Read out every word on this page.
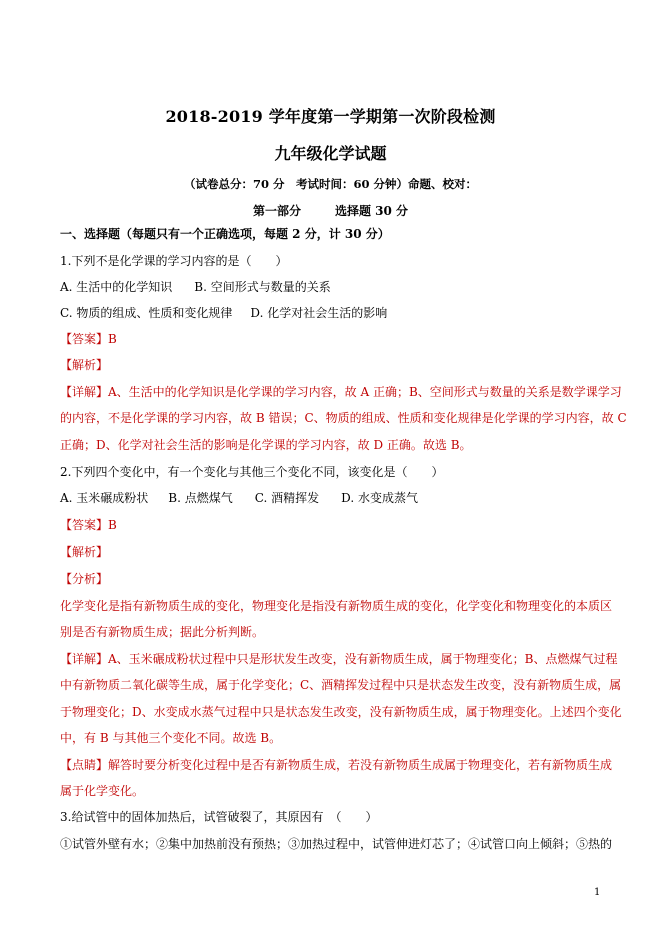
2018-2019 学年度第一学期第一次阶段检测
九年级化学试题
（试卷总分：70 分　考试时间：60 分钟）命题、校对：
第一部分	选择题 30 分
一、选择题（每题只有一个正确选项，每题 2 分，计 30 分）
1.下列不是化学课的学习内容的是（　　）
A. 生活中的化学知识 B. 空间形式与数量的关系
C. 物质的组成、性质和变化规律 D. 化学对社会生活的影响
【答案】B
【解析】
【详解】A、生活中的化学知识是化学课的学习内容，故 A 正确；B、空间形式与数量的关系是数学课学习
的内容，不是化学课的学习内容，故 B 错误；C、物质的组成、性质和变化规律是化学课的学习内容，故 C
正确；D、化学对社会生活的影响是化学课的学习内容，故 D 正确。故选 B。
2.下列四个变化中，有一个变化与其他三个变化不同，该变化是（　　）
A. 玉米碾成粉状 B. 点燃煤气 C. 酒精挥发 D. 水变成蒸气
【答案】B
【解析】
【分析】
化学变化是指有新物质生成的变化，物理变化是指没有新物质生成的变化，化学变化和物理变化的本质区
别是否有新物质生成；据此分析判断。
【详解】A、玉米碾成粉状过程中只是形状发生改变，没有新物质生成，属于物理变化；B、点燃煤气过程
中有新物质二氧化碳等生成，属于化学变化；C、酒精挥发过程中只是状态发生改变，没有新物质生成，属
于物理变化；D、水变成水蒸气过程中只是状态发生改变，没有新物质生成，属于物理变化。上述四个变化
中，有 B 与其他三个变化不同。故选 B。
【点睛】解答时要分析变化过程中是否有新物质生成，若没有新物质生成属于物理变化，若有新物质生成
属于化学变化。
3.给试管中的固体加热后，试管破裂了，其原因有　（　　）
①试管外壁有水；②集中加热前没有预热；③加热过程中，试管伸进灯芯了；④试管口向上倾斜；⑤热的
1
